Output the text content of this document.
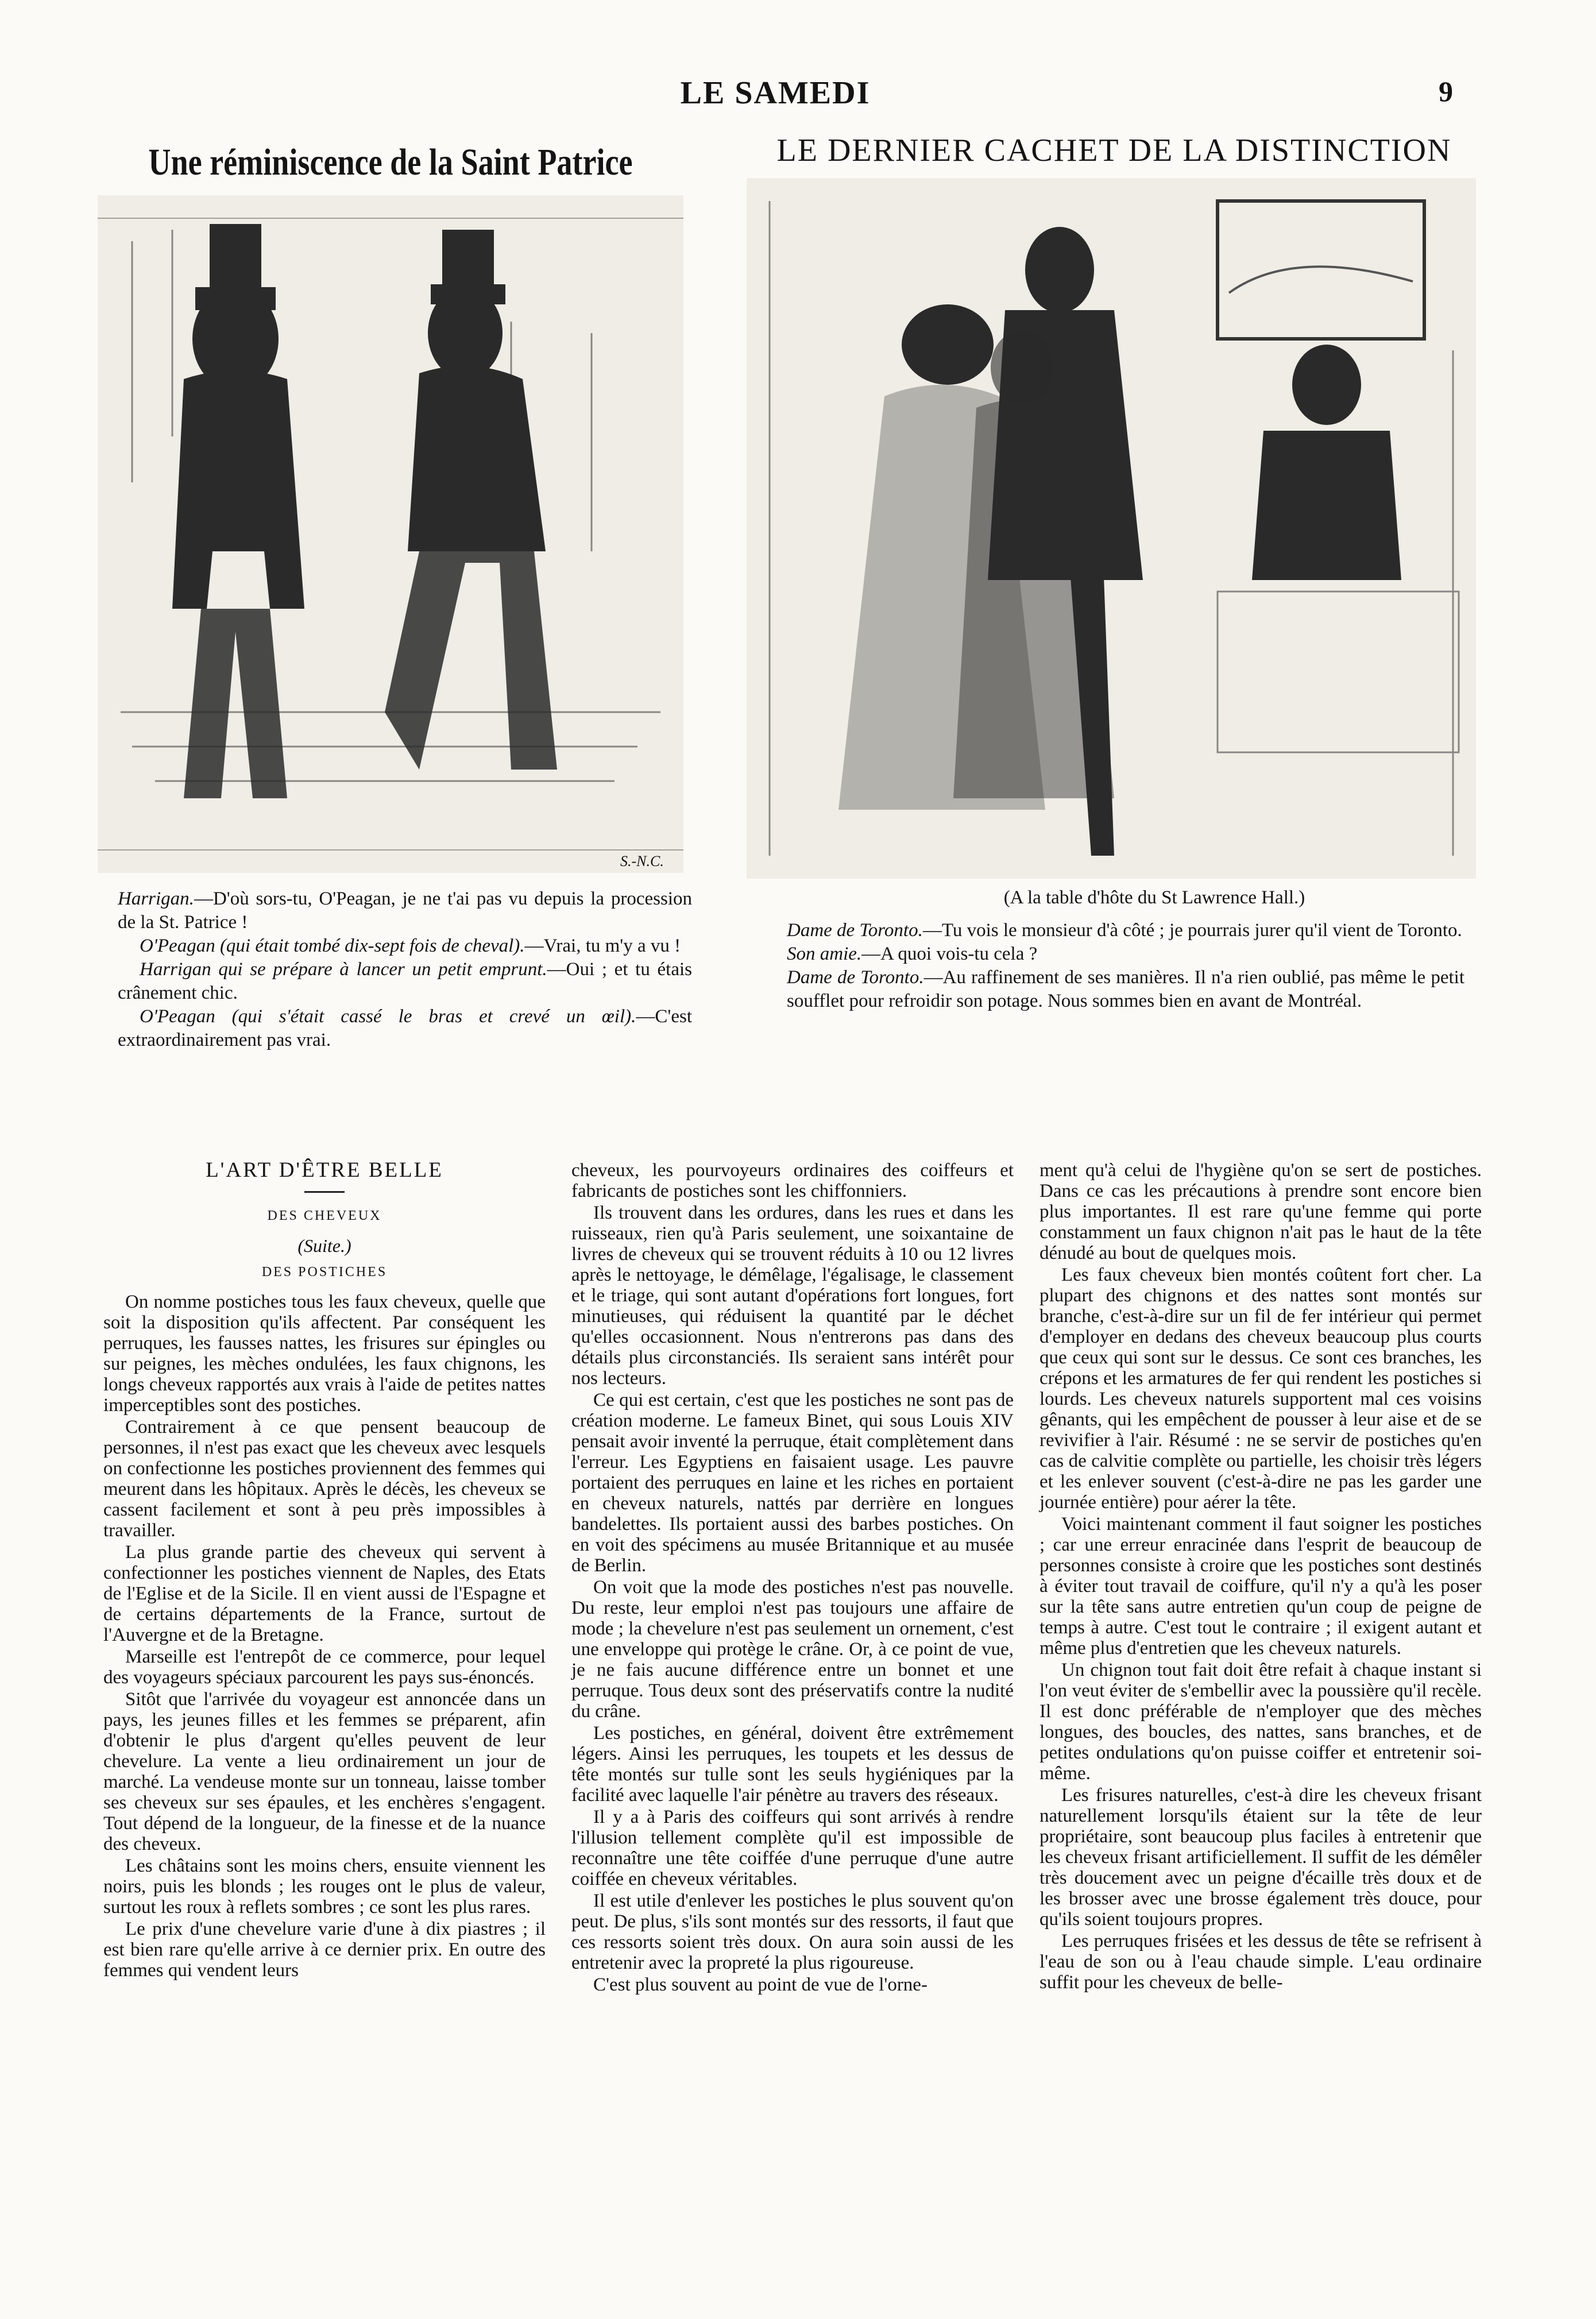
LE SAMEDI	9
Une réminiscence de la Saint Patrice
S.-N.C.

Harrigan.—D'où sors-tu, O'Peagan, je ne t'ai pas vu depuis la procession de la St. Patrice !

O'Peagan (qui était tombé dix-sept fois de cheval).—Vrai, tu m'y a vu !

Harrigan qui se prépare à lancer un petit emprunt.—Oui ; et tu étais crânement chic.

O'Peagan (qui s'était cassé le bras et crevé un œil).—C'est extraordinairement pas vrai.

LE DERNIER CACHET DE LA DISTINCTION
(A la table d'hôte du St Lawrence Hall.)

Dame de Toronto.—Tu vois le monsieur d'à côté ; je pourrais jurer qu'il vient de Toronto.

Son amie.—A quoi vois-tu cela ?

Dame de Toronto.—Au raffinement de ses manières. Il n'a rien oublié, pas même le petit soufflet pour refroidir son potage. Nous sommes bien en avant de Montréal.

L'ART D'ÊTRE BELLE

DES CHEVEUX
(Suite.)
DES POSTICHES

On nomme postiches tous les faux cheveux, quelle que soit la disposition qu'ils affectent. Par conséquent les perruques, les fausses nattes, les frisures sur épingles ou sur peignes, les mèches ondulées, les faux chignons, les longs cheveux rapportés aux vrais à l'aide de petites nattes imperceptibles sont des postiches.

Contrairement à ce que pensent beaucoup de personnes, il n'est pas exact que les cheveux avec lesquels on confectionne les postiches proviennent des femmes qui meurent dans les hôpitaux. Après le décès, les cheveux se cassent facilement et sont à peu près impossibles à travailler.

La plus grande partie des cheveux qui servent à confectionner les postiches viennent de Naples, des Etats de l'Eglise et de la Sicile. Il en vient aussi de l'Espagne et de certains départements de la France, surtout de l'Auvergne et de la Bretagne.

Marseille est l'entrepôt de ce commerce, pour lequel des voyageurs spéciaux parcourent les pays sus-énoncés.

Sitôt que l'arrivée du voyageur est annoncée dans un pays, les jeunes filles et les femmes se préparent, afin d'obtenir le plus d'argent qu'elles peuvent de leur chevelure. La vente a lieu ordinairement un jour de marché. La vendeuse monte sur un tonneau, laisse tomber ses cheveux sur ses épaules, et les enchères s'engagent. Tout dépend de la longueur, de la finesse et de la nuance des cheveux.

Les châtains sont les moins chers, ensuite viennent les noirs, puis les blonds ; les rouges ont le plus de valeur, surtout les roux à reflets sombres ; ce sont les plus rares.

Le prix d'une chevelure varie d'une à dix piastres ; il est bien rare qu'elle arrive à ce dernier prix. En outre des femmes qui vendent leurs

cheveux, les pourvoyeurs ordinaires des coiffeurs et fabricants de postiches sont les chiffonniers.

Ils trouvent dans les ordures, dans les rues et dans les ruisseaux, rien qu'à Paris seulement, une soixantaine de livres de cheveux qui se trouvent réduits à 10 ou 12 livres après le nettoyage, le démêlage, l'égalisage, le classement et le triage, qui sont autant d'opérations fort longues, fort minutieuses, qui réduisent la quantité par le déchet qu'elles occasionnent. Nous n'entrerons pas dans des détails plus circonstanciés. Ils seraient sans intérêt pour nos lecteurs.

Ce qui est certain, c'est que les postiches ne sont pas de création moderne. Le fameux Binet, qui sous Louis XIV pensait avoir inventé la perruque, était complètement dans l'erreur. Les Egyptiens en faisaient usage. Les pauvre portaient des perruques en laine et les riches en portaient en cheveux naturels, nattés par derrière en longues bandelettes. Ils portaient aussi des barbes postiches. On en voit des spécimens au musée Britannique et au musée de Berlin.

On voit que la mode des postiches n'est pas nouvelle. Du reste, leur emploi n'est pas toujours une affaire de mode ; la chevelure n'est pas seulement un ornement, c'est une enveloppe qui protège le crâne. Or, à ce point de vue, je ne fais aucune différence entre un bonnet et une perruque. Tous deux sont des préservatifs contre la nudité du crâne.

Les postiches, en général, doivent être extrêmement légers. Ainsi les perruques, les toupets et les dessus de tête montés sur tulle sont les seuls hygiéniques par la facilité avec laquelle l'air pénètre au travers des réseaux.

Il y a à Paris des coiffeurs qui sont arrivés à rendre l'illusion tellement complète qu'il est impossible de reconnaître une tête coiffée d'une perruque d'une autre coiffée en cheveux véritables.

Il est utile d'enlever les postiches le plus souvent qu'on peut. De plus, s'ils sont montés sur des ressorts, il faut que ces ressorts soient très doux. On aura soin aussi de les entretenir avec la propreté la plus rigoureuse.

C'est plus souvent au point de vue de l'orne-

ment qu'à celui de l'hygiène qu'on se sert de postiches. Dans ce cas les précautions à prendre sont encore bien plus importantes. Il est rare qu'une femme qui porte constamment un faux chignon n'ait pas le haut de la tête dénudé au bout de quelques mois.

Les faux cheveux bien montés coûtent fort cher. La plupart des chignons et des nattes sont montés sur branche, c'est-à-dire sur un fil de fer intérieur qui permet d'employer en dedans des cheveux beaucoup plus courts que ceux qui sont sur le dessus. Ce sont ces branches, les crépons et les armatures de fer qui rendent les postiches si lourds. Les cheveux naturels supportent mal ces voisins gênants, qui les empêchent de pousser à leur aise et de se revivifier à l'air. Résumé : ne se servir de postiches qu'en cas de calvitie complète ou partielle, les choisir très légers et les enlever souvent (c'est-à-dire ne pas les garder une journée entière) pour aérer la tête.

Voici maintenant comment il faut soigner les postiches ; car une erreur enracinée dans l'esprit de beaucoup de personnes consiste à croire que les postiches sont destinés à éviter tout travail de coiffure, qu'il n'y a qu'à les poser sur la tête sans autre entretien qu'un coup de peigne de temps à autre. C'est tout le contraire ; il exigent autant et même plus d'entretien que les cheveux naturels.

Un chignon tout fait doit être refait à chaque instant si l'on veut éviter de s'embellir avec la poussière qu'il recèle. Il est donc préférable de n'employer que des mèches longues, des boucles, des nattes, sans branches, et de petites ondulations qu'on puisse coiffer et entretenir soi-même.

Les frisures naturelles, c'est-à dire les cheveux frisant naturellement lorsqu'ils étaient sur la tête de leur propriétaire, sont beaucoup plus faciles à entretenir que les cheveux frisant artificiellement. Il suffit de les démêler très doucement avec un peigne d'écaille très doux et de les brosser avec une brosse également très douce, pour qu'ils soient toujours propres.

Les perruques frisées et les dessus de tête se refrisent à l'eau de son ou à l'eau chaude simple. L'eau ordinaire suffit pour les cheveux de belle-
